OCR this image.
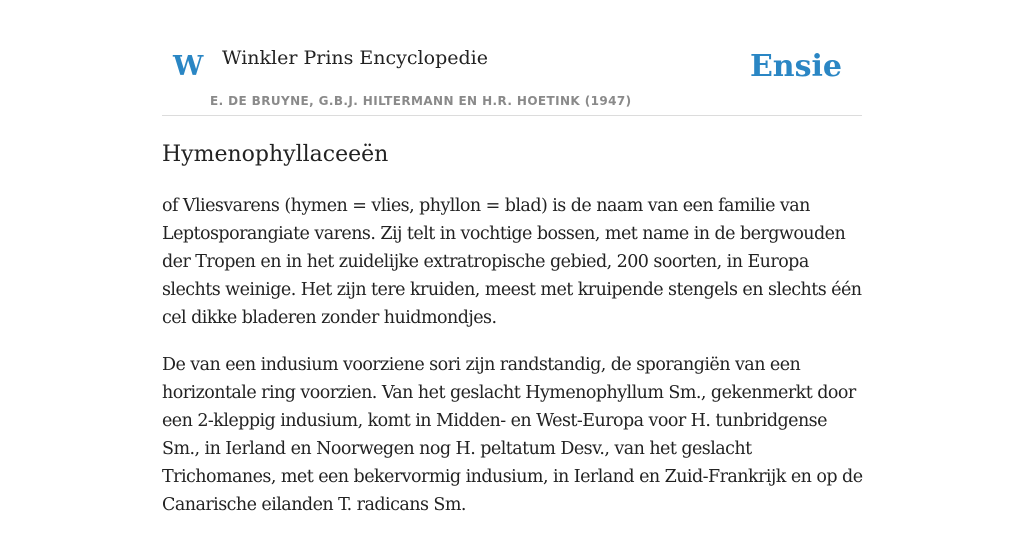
W Winkler Prins Encyclopedie
E. DE BRUYNE, G.B.J. HILTERMANN EN H.R. HOETINK (1947)
Ensie
Hymenophyllaceeën

of Vliesvarens (hymen = vlies, phyllon = blad) is de naam van een familie van Leptosporangiate varens. Zij telt in vochtige bossen, met name in de bergwouden der Tropen en in het zuidelijke extratropische gebied, 200 soorten, in Europa slechts weinige. Het zijn tere kruiden, meest met kruipende stengels en slechts één cel dikke bladeren zonder huidmondjes.

De van een indusium voorziene sori zijn randstandig, de sporangiën van een horizontale ring voorzien. Van het geslacht Hymenophyllum Sm., gekenmerkt door een 2-kleppig indusium, komt in Midden- en West-Europa voor H. tunbridgense Sm., in Ierland en Noorwegen nog H. peltatum Desv., van het geslacht Trichomanes, met een bekervormig indusium, in Ierland en Zuid-Frankrijk en op de Canarische eilanden T. radicans Sm.
